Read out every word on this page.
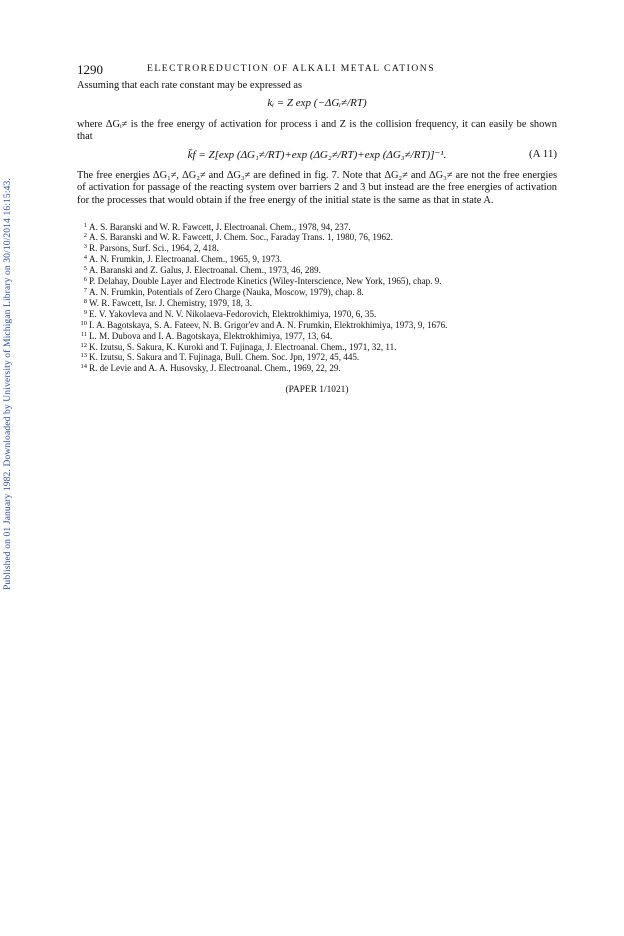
Published on 01 January 1982. Downloaded by University of Michigan Library on 30/10/2014 16:15:43.
1290	ELECTROREDUCTION OF ALKALI METAL CATIONS

Assuming that each rate constant may be expressed as

kᵢ = Z exp (−ΔGᵢ≠/RT)

where ΔGᵢ≠ is the free energy of activation for process i and Z is the collision frequency, it can easily be shown that

k̄f = Z[exp (ΔG₁≠/RT)+exp (ΔG₂≠/RT)+exp (ΔG₃≠/RT)]⁻¹.	(A 11)

The free energies ΔG₁≠, ΔG₂≠ and ΔG₃≠ are defined in fig. 7. Note that ΔG₂≠ and ΔG₃≠ are not the free energies of activation for passage of the reacting system over barriers 2 and 3 but instead are the free energies of activation for the processes that would obtain if the free energy of the initial state is the same as that in state A.

1 A. S. Baranski and W. R. Fawcett, J. Electroanal. Chem., 1978, 94, 237.
2 A. S. Baranski and W. R. Fawcett, J. Chem. Soc., Faraday Trans. 1, 1980, 76, 1962.
3 R. Parsons, Surf. Sci., 1964, 2, 418.
4 A. N. Frumkin, J. Electroanal. Chem., 1965, 9, 1973.
5 A. Baranski and Z. Galus, J. Electroanal. Chem., 1973, 46, 289.
6 P. Delahay, Double Layer and Electrode Kinetics (Wiley-Interscience, New York, 1965), chap. 9.
7 A. N. Frumkin, Potentials of Zero Charge (Nauka, Moscow, 1979), chap. 8.
8 W. R. Fawcett, Isr. J. Chemistry, 1979, 18, 3.
9 E. V. Yakovleva and N. V. Nikolaeva-Fedorovich, Elektrokhimiya, 1970, 6, 35.
10 I. A. Bagotskaya, S. A. Fateev, N. B. Grigor'ev and A. N. Frumkin, Elektrokhimiya, 1973, 9, 1676.
11 L. M. Dubova and I. A. Bagotskaya, Elektrokhimiya, 1977, 13, 64.
12 K. Izutsu, S. Sakura, K. Kuroki and T. Fujinaga, J. Electroanal. Chem., 1971, 32, 11.
13 K. Izutsu, S. Sakura and T. Fujinaga, Bull. Chem. Soc. Jpn, 1972, 45, 445.
14 R. de Levie and A. A. Husovsky, J. Electroanal. Chem., 1969, 22, 29.
(PAPER 1/1021)
